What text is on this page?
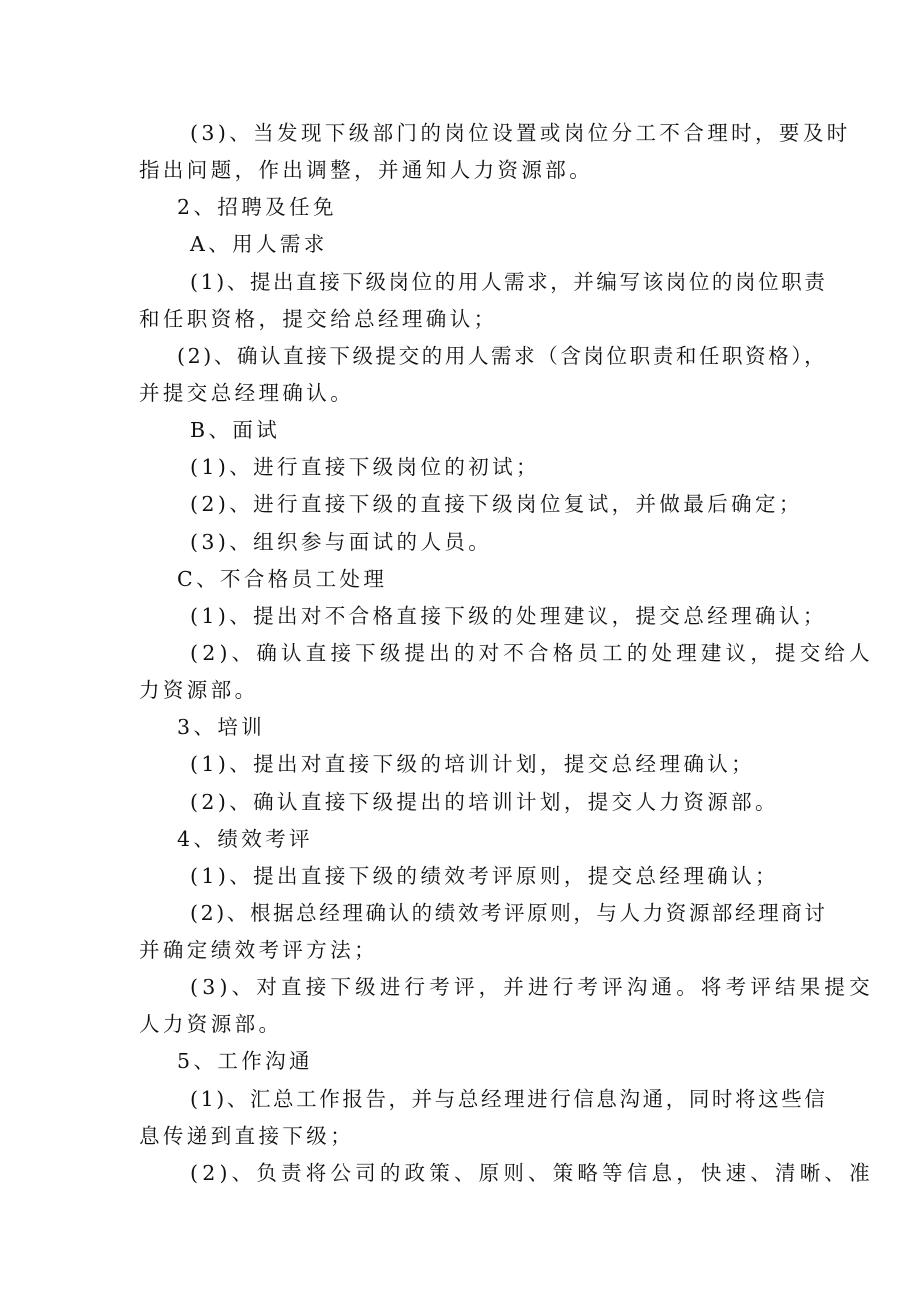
(3)、当发现下级部门的岗位设置或岗位分工不合理时，要及时
指出问题，作出调整，并通知人力资源部。
2、招聘及任免
A、用人需求
(1)、提出直接下级岗位的用人需求，并编写该岗位的岗位职责
和任职资格，提交给总经理确认；
(2)、确认直接下级提交的用人需求（含岗位职责和任职资格），
并提交总经理确认。
B、面试
(1)、进行直接下级岗位的初试；
(2)、进行直接下级的直接下级岗位复试，并做最后确定；
(3)、组织参与面试的人员。
C、不合格员工处理
(1)、提出对不合格直接下级的处理建议，提交总经理确认；
(2)、确认直接下级提出的对不合格员工的处理建议，提交给人
力资源部。
3、培训
(1)、提出对直接下级的培训计划，提交总经理确认；
(2)、确认直接下级提出的培训计划，提交人力资源部。
4、绩效考评
(1)、提出直接下级的绩效考评原则，提交总经理确认；
(2)、根据总经理确认的绩效考评原则，与人力资源部经理商讨
并确定绩效考评方法；
(3)、对直接下级进行考评，并进行考评沟通。将考评结果提交
人力资源部。
5、工作沟通
(1)、汇总工作报告，并与总经理进行信息沟通，同时将这些信
息传递到直接下级；
(2)、负责将公司的政策、原则、策略等信息，快速、清晰、准
